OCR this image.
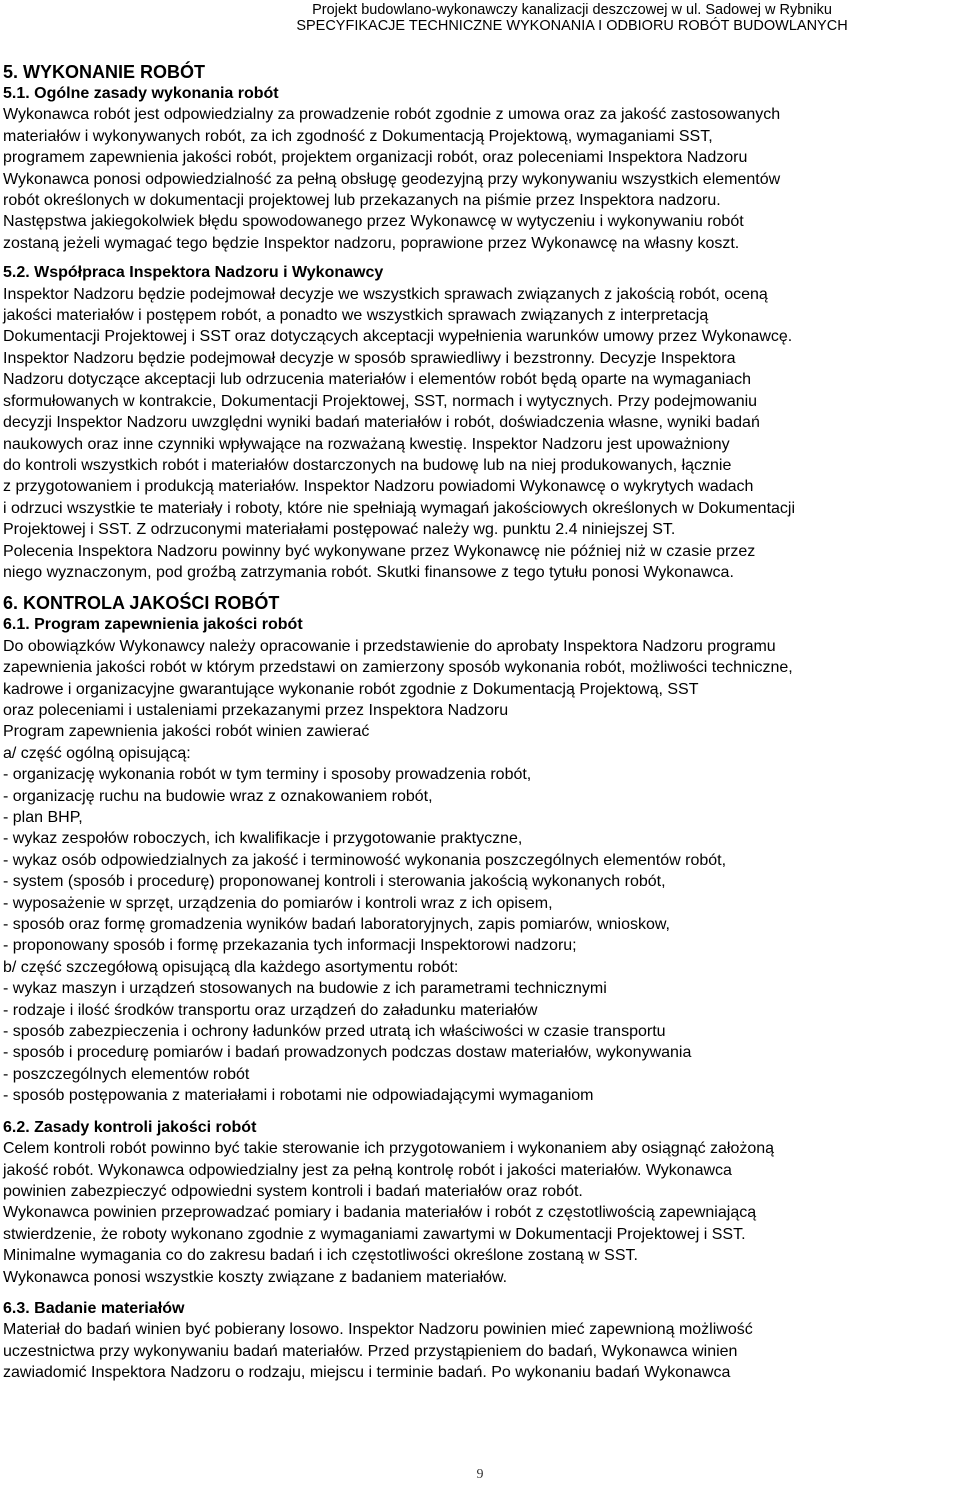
Projekt budowlano-wykonawczy kanalizacji deszczowej w ul. Sadowej w Rybniku
SPECYFIKACJE TECHNICZNE WYKONANIA I ODBIORU ROBÓT BUDOWLANYCH
5. WYKONANIE ROBÓT
5.1. Ogólne zasady wykonania robót
Wykonawca robót jest odpowiedzialny za prowadzenie robót zgodnie z umowa oraz za jakość zastosowanych
materiałów i wykonywanych robót, za ich zgodność z Dokumentacją Projektową, wymaganiami SST,
programem zapewnienia jakości robót, projektem organizacji robót, oraz poleceniami Inspektora Nadzoru
Wykonawca ponosi odpowiedzialność za pełną obsługę geodezyjną przy wykonywaniu wszystkich elementów
robót określonych w dokumentacji projektowej lub przekazanych na piśmie przez Inspektora nadzoru.
Następstwa jakiegokolwiek błędu spowodowanego przez Wykonawcę w wytyczeniu i wykonywaniu robót
zostaną jeżeli wymagać tego będzie Inspektor nadzoru, poprawione przez Wykonawcę na własny koszt.
5.2. Współpraca Inspektora Nadzoru i Wykonawcy
Inspektor Nadzoru będzie podejmował decyzje we wszystkich sprawach związanych z jakością robót, oceną
jakości materiałów i postępem robót, a ponadto we wszystkich sprawach związanych z interpretacją
Dokumentacji Projektowej i SST oraz dotyczących akceptacji wypełnienia warunków umowy przez Wykonawcę.
Inspektor Nadzoru będzie podejmował decyzje w sposób sprawiedliwy i bezstronny. Decyzje Inspektora
Nadzoru dotyczące akceptacji lub odrzucenia materiałów i elementów robót będą oparte na wymaganiach
sformułowanych w kontrakcie, Dokumentacji Projektowej, SST, normach i wytycznych. Przy podejmowaniu
decyzji Inspektor Nadzoru uwzględni wyniki badań materiałów i robót, doświadczenia własne, wyniki badań
naukowych oraz inne czynniki wpływające na rozważaną kwestię. Inspektor Nadzoru jest upoważniony
do kontroli wszystkich robót i materiałów dostarczonych na budowę lub na niej produkowanych, łącznie
z przygotowaniem i produkcją materiałów. Inspektor Nadzoru powiadomi Wykonawcę o wykrytych wadach
i odrzuci wszystkie te materiały i roboty, które nie spełniają wymagań jakościowych określonych w Dokumentacji
Projektowej i SST. Z odrzuconymi materiałami postępować należy wg. punktu 2.4 niniejszej ST.
Polecenia Inspektora Nadzoru powinny być wykonywane przez Wykonawcę nie później niż w czasie przez
niego wyznaczonym, pod groźbą zatrzymania robót. Skutki finansowe z tego tytułu ponosi Wykonawca.
6. KONTROLA JAKOŚCI ROBÓT
6.1. Program zapewnienia jakości robót
Do obowiązków Wykonawcy należy opracowanie i przedstawienie do aprobaty Inspektora Nadzoru programu
zapewnienia jakości robót w którym przedstawi on zamierzony sposób wykonania robót, możliwości techniczne,
kadrowe i organizacyjne gwarantujące wykonanie robót zgodnie z Dokumentacją Projektową, SST
oraz poleceniami i ustaleniami przekazanymi przez Inspektora Nadzoru
Program zapewnienia jakości robót winien zawierać
a/ część ogólną opisującą:
- organizację wykonania robót w tym terminy i sposoby prowadzenia robót,
- organizację ruchu na budowie wraz z oznakowaniem robót,
- plan BHP,
- wykaz zespołów roboczych, ich kwalifikacje i przygotowanie praktyczne,
- wykaz osób odpowiedzialnych za jakość i terminowość wykonania poszczególnych elementów robót,
- system (sposób i procedurę) proponowanej kontroli i sterowania jakością wykonanych robót,
- wyposażenie w sprzęt, urządzenia do pomiarów i kontroli wraz z ich opisem,
- sposób oraz formę gromadzenia wyników badań laboratoryjnych, zapis pomiarów, wnioskow,
- proponowany sposób i formę przekazania tych informacji Inspektorowi nadzoru;
b/ część szczegółową opisującą dla każdego asortymentu robót:
- wykaz maszyn i urządzeń stosowanych na budowie z ich parametrami technicznymi
- rodzaje i ilość środków transportu oraz urządzeń do załadunku materiałów
- sposób zabezpieczenia i ochrony ładunków przed utratą ich właściwości w czasie transportu
- sposób i procedurę pomiarów i badań prowadzonych podczas dostaw materiałów, wykonywania
- poszczególnych elementów robót
- sposób postępowania z materiałami i robotami nie odpowiadającymi wymaganiom
6.2. Zasady kontroli jakości robót
Celem kontroli robót powinno być takie sterowanie ich przygotowaniem i wykonaniem aby osiągnąć założoną
jakość robót. Wykonawca odpowiedzialny jest za pełną kontrolę robót i jakości materiałów. Wykonawca
powinien zabezpieczyć odpowiedni system kontroli i badań materiałów oraz robót.
Wykonawca powinien przeprowadzać pomiary i badania materiałów i robót z częstotliwością zapewniającą
stwierdzenie, że roboty wykonano zgodnie z wymaganiami zawartymi w Dokumentacji Projektowej i SST.
Minimalne wymagania co do zakresu badań i ich częstotliwości określone zostaną w SST.
Wykonawca ponosi wszystkie koszty związane z badaniem materiałów.
6.3. Badanie materiałów
Materiał do badań winien być pobierany losowo. Inspektor Nadzoru powinien mieć zapewnioną możliwość
uczestnictwa przy wykonywaniu badań materiałów. Przed przystąpieniem do badań, Wykonawca winien
zawiadomić Inspektora Nadzoru o rodzaju, miejscu i terminie badań. Po wykonaniu badań Wykonawca
9
